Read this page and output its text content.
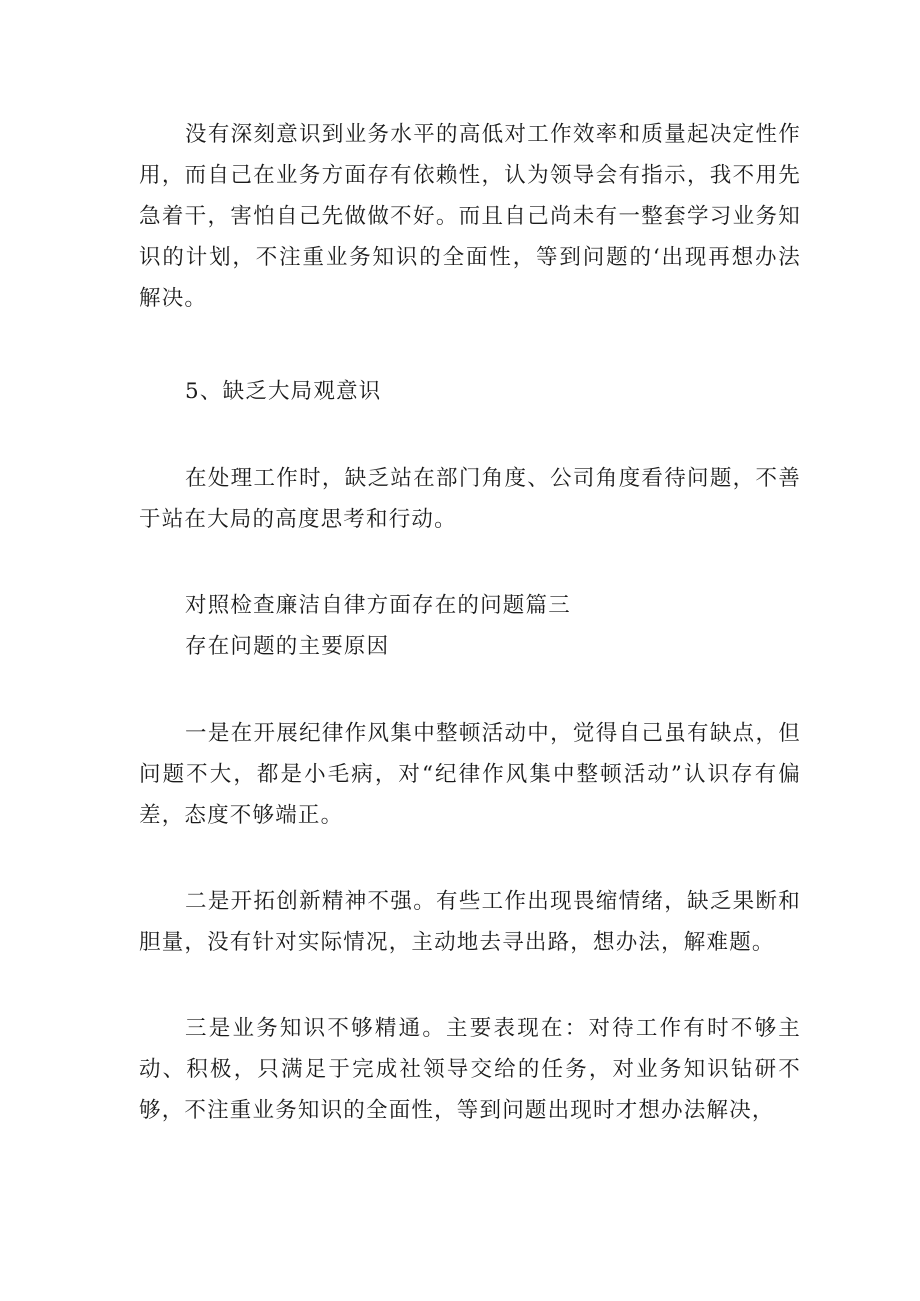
没有深刻意识到业务水平的高低对工作效率和质量起决定性作用，而自己在业务方面存有依赖性，认为领导会有指示，我不用先急着干，害怕自己先做做不好。而且自己尚未有一整套学习业务知识的计划，不注重业务知识的全面性，等到问题的‘出现再想办法解决。

5、缺乏大局观意识

在处理工作时，缺乏站在部门角度、公司角度看待问题，不善于站在大局的高度思考和行动。

对照检查廉洁自律方面存在的问题篇三

存在问题的主要原因

一是在开展纪律作风集中整顿活动中，觉得自己虽有缺点，但问题不大，都是小毛病，对“纪律作风集中整顿活动”认识存有偏差，态度不够端正。

二是开拓创新精神不强。有些工作出现畏缩情绪，缺乏果断和胆量，没有针对实际情况，主动地去寻出路，想办法，解难题。

三是业务知识不够精通。主要表现在：对待工作有时不够主动、积极，只满足于完成社领导交给的任务，对业务知识钻研不够，不注重业务知识的全面性，等到问题出现时才想办法解决，
